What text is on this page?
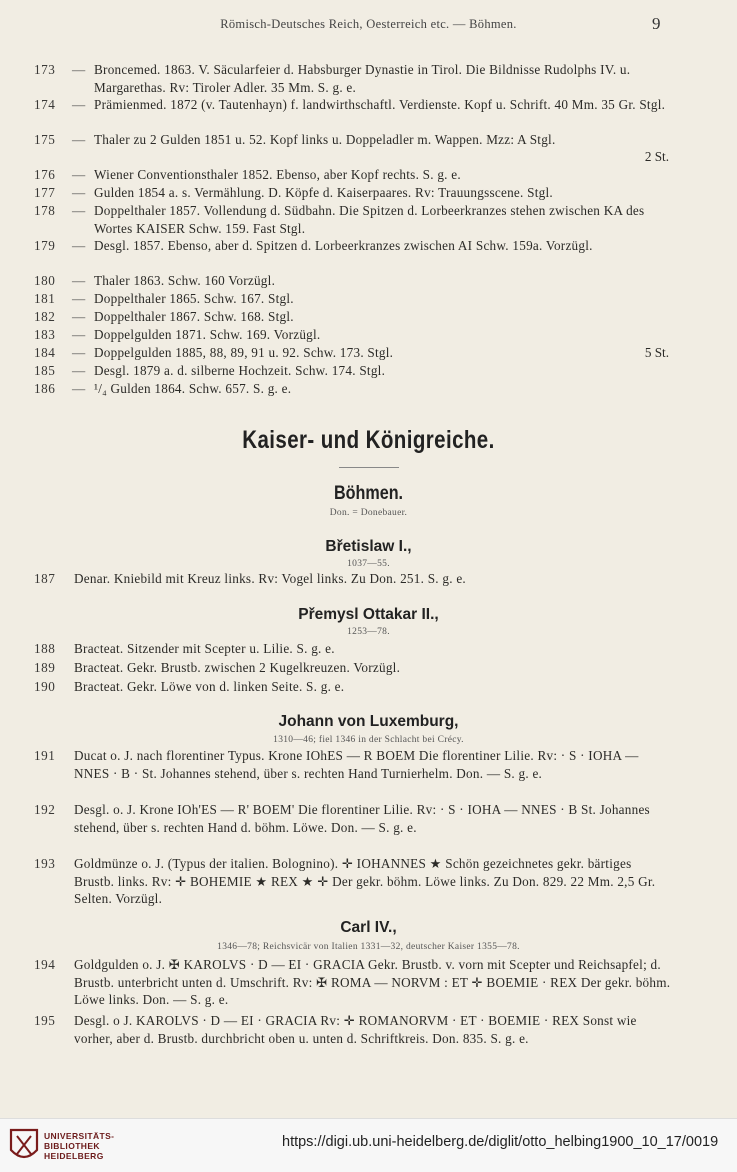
Römisch-Deutsches Reich, Oesterreich etc. — Böhmen.	9
173	— Broncemed. 1863. V. Säcularfeier d. Habsburger Dynastie in Tirol. Die Bildnisse Rudolphs IV. u. Margarethas. Rv: Tiroler Adler. 35 Mm. S. g. e.
174	— Prämienmed. 1872 (v. Tautenhayn) f. landwirthschaftl. Verdienste. Kopf u. Schrift. 40 Mm. 35 Gr. Stgl.
175	— Thaler zu 2 Gulden 1851 u. 52. Kopf links u. Doppeladler m. Wappen. Mzz: A Stgl.
2 St.
176	— Wiener Conventionsthaler 1852. Ebenso, aber Kopf rechts. S. g. e.
177	— Gulden 1854 a. s. Vermählung. D. Köpfe d. Kaiserpaares. Rv: Trauungsscene. Stgl.
178	— Doppelthaler 1857. Vollendung d. Südbahn. Die Spitzen d. Lorbeerkranzes stehen zwischen KA des Wortes KAISER Schw. 159. Fast Stgl.
179	— Desgl. 1857. Ebenso, aber d. Spitzen d. Lorbeerkranzes zwischen AI Schw. 159a. Vorzügl.
180	— Thaler 1863. Schw. 160 Vorzügl.
181	— Doppelthaler 1865. Schw. 167. Stgl.
182	— Doppelthaler 1867. Schw. 168. Stgl.
183	— Doppelgulden 1871. Schw. 169. Vorzügl.
184	— Doppelgulden 1885, 88, 89, 91 u. 92. Schw. 173. Stgl.	5 St.
185	— Desgl. 1879 a. d. silberne Hochzeit. Schw. 174. Stgl.
186	— ¹/₄ Gulden 1864. Schw. 657. S. g. e.
Kaiser- und Königreiche.
Böhmen.
Don. = Donebauer.
Břetislaw I.,
1037—55.
187	Denar. Kniebild mit Kreuz links. Rv: Vogel links. Zu Don. 251. S. g. e.
Přemysl Ottakar II.,
1253—78.
188	Bracteat. Sitzender mit Scepter u. Lilie. S. g. e.
189	Bracteat. Gekr. Brustb. zwischen 2 Kugelkreuzen. Vorzügl.
190	Bracteat. Gekr. Löwe von d. linken Seite. S. g. e.
Johann von Luxemburg,
1310—46; fiel 1346 in der Schlacht bei Crécy.
191	Ducat o. J. nach florentiner Typus. Krone IOhES — R BOEM Die florentiner Lilie. Rv: · S · IOHA — NNES · B · St. Johannes stehend, über s. rechten Hand Turnierhelm. Don. — S. g. e.
192	Desgl. o. J. Krone IOh'ES — R' BOEM' Die florentiner Lilie. Rv: · S · IOHA — NNES · B St. Johannes stehend, über s. rechten Hand d. böhm. Löwe. Don. — S. g. e.
193	Goldmünze o. J. (Typus der italien. Bolognino). ✛ IOHANNES ★ Schön gezeichnetes gekr. bärtiges Brustb. links. Rv: ✛ BOHEMIE ★ REX ★ ✛ Der gekr. böhm. Löwe links. Zu Don. 829. 22 Mm. 2,5 Gr. Selten. Vorzügl.
Carl IV.,
1346—78; Reichsvicär von Italien 1331—32, deutscher Kaiser 1355—78.
194	Goldgulden o. J. ✠ KAROLVS · D — EI · GRACIA Gekr. Brustb. v. vorn mit Scepter und Reichsapfel; d. Brustb. unterbricht unten d. Umschrift. Rv: ✠ ROMA — NORVM : ET ✛ BOEMIE · REX Der gekr. böhm. Löwe links. Don. — S. g. e.
195	Desgl. o J. KAROLVS · D — EI · GRACIA Rv: ✛ ROMANORVM · ET · BOEMIE · REX Sonst wie vorher, aber d. Brustb. durchbricht oben u. unten d. Schriftkreis. Don. 835. S. g. e.
UNIVERSITÄTS-
BIBLIOTHEK
HEIDELBERG
https://digi.ub.uni-heidelberg.de/diglit/otto_helbing1900_10_17/0019
